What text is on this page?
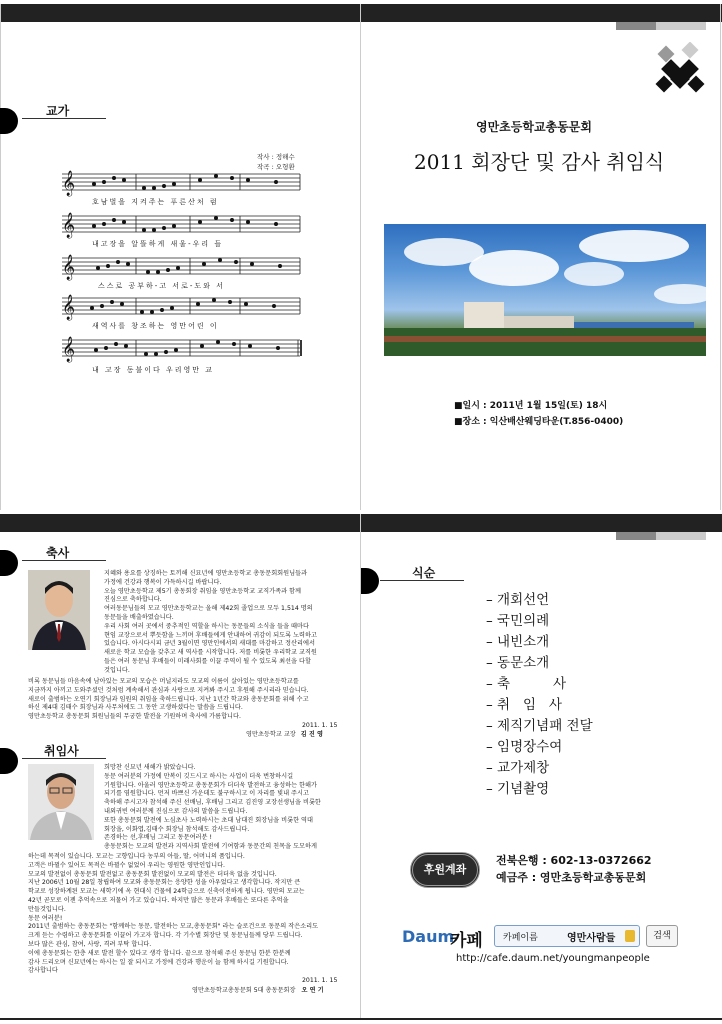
교가
작사 : 정해수
작곡 : 오형환
𝄞
𝄞
𝄞
𝄞
𝄞
호남벌을 지켜주는 푸른산처 럼
내고장을 알뜰하게 새울-우리 들
스스로 공부하-고 서로-도와 서
새역사를 창조하는 영만어린 이
내 고장 동불이다 우리영만 교
영만초등학교총동문회
2011 회장단 및 감사 취임식
■일시 : 2011년 1월 15일(토) 18시
■장소 : 익산배산웨딩타운(T.856-0400)
축사
지혜와 용요를 상징하는 토끼해 신묘년에 영만초등학교 총동문회회원님들과
가정에 건강과 행복이 가득하시길 바랍니다.
오늘 영만초등학교 제5기 총동회장 취임을 영만초등학교 교직가족과 함께
진심으로 축하합니다.
여러동문님들의 모교 영만초등학교는 올해 제42회 졸업으로 모두 1,514 명의
동문들을 배출하였습니다.
우리 사회 여러 곳에서 중추적인 역할을 하시는 동문들의 소식을 들을 때마다
현임 교장으로서 뿌듯함을 느끼며 후배들에게 안내하여 귀감이 되도록 노력하고
있습니다. 아시다시피 금년 3월이면 영만인에서의 새대를 마감하고 정산리에서
새로운 학교 모습을 갖추고 새 역사를 시작합니다. 저를 비롯한 우리학교 교직원
들은 여러 동문님 후배들이 미래사회를 이끌 주역이 될 수 있도록 최선을 다할
것입니다.
비록 동문님들 마음속에 남아있는 모교의 모습은 머닐지라도 모교의 이름이 살아있는 영만초등학교를
지금까지 아끼고 도와주셨던 것처럼 계속해서 관심과 사랑으로 지켜봐 주시고 후원해 주시리라 믿습니다.
새로이 출범하는 오연기 회장님과 임원의 취임을 축하드립니다. 지난 1년간 학교와 총동문회를 위해 수고
하신 제4대 김태수 회장님과 사무처에도 그 동안 고생하셨다는 말씀을 드립니다.
영만초등학교 총동문회 회원님들의 무궁한 발전을 기원하며 축사에 가름합니다.
2011. 1. 15
영만초등학교 교장 김 진 영
취임사
희망찬 신묘년 새해가 밝았습니다.
동문 여러분의 가정에 만복이 깃드시고 하시는 사업이 더욱 번창하시길
기원합니다. 아울러 영만초등학교 총동문회가 더더욱 발전하고 융성하는 한해가
되기를 염원합니다. 먼저 바쁘신 가운데도 불구하시고 이 자리를 빛내 주시고
축하해 주시고자 참석해 주신 선배님, 후배님 그리고 김진영 교장선생님을 비롯한
내외귀빈 여러분께 진심으로 감사의 말씀을 드립니다.
또한 총동문회 발전에 노심초사 노력하시는 초대 남대진 회장님을 비롯한 역대
회장을, 이화엽,김태수 회장님 참석해도 감사드립니다.
존경하는 선,후배님 그리고 동문여러분 !
총동문회는 모교의 발전과 지역사회 발전에 기여함과 동문간의 친목을 도모하게
하는데 목적이 있습니다. 모교는 고향입니다 농부의 아들, 딸, 어머니의 품입니다.
고객은 바뀔수 있어도 목적은 바뀔수 없었어 우리는 영원한 영만인입니다.
모교의 발전없이 총동문회 발전없고 총동문회 발전없이 모교의 발전은 더더욱 없을 것입니다.
지난 2006년 10월 28일 창립하여 모교와 총동문회는 응양한 성을 아우었다고 생각합니다. 작지만 큰
학교로 성장하계된 모교는 새학기에 옥 현대식 건물에 24학급으로 신축이전하게 됩니다. 영만의 모교는
42년 곧모로 이젠 추억속으로 저물어 가고 있습니다. 하지만 많은 동문과 후배들은 또다른 추억을
만들것입니다.
동문 여러분!
2011년 출범하는 총동문회는 "함께하는 동문, 발전하는 모교,총동문회" 라는 슬로건으로 동문의 작은소리도
크게 듣는 수렴하고 총동문회를 이끌어 가고자 합니다. 각 기수별 회장단 및 동문님들께 당부 드립니다.
보다 많은 관심, 참여, 사랑, 격려 부탁 합니다.
이에 총동문회는 한층 새로 발전 할수 있다고 생각 합니다. 끝으로 참석해 주신 동문님 한분 한분께
감사 드리오며 신묘년에는 하시는 일 잘 되시고 가정에 건강과 행운이 늘 함께 하시길 기원합니다.
감사합니다
2011. 1. 15
영만초등학교총동문회 5대 총동문회장 오 연 기
식순
– 개회선언
– 국민의례
– 내빈소개
– 동문소개
– 축          사
– 취   임   사
– 제직기념패 전달
– 임명장수여
– 교가제창
– 기념촬영
후원계좌
전북은행 : 602-13-0372662
예금주 : 영만초등학교총동문회
Daum
카페 카페이름	영만사람들	검색
http://cafe.daum.net/youngmanpeople
